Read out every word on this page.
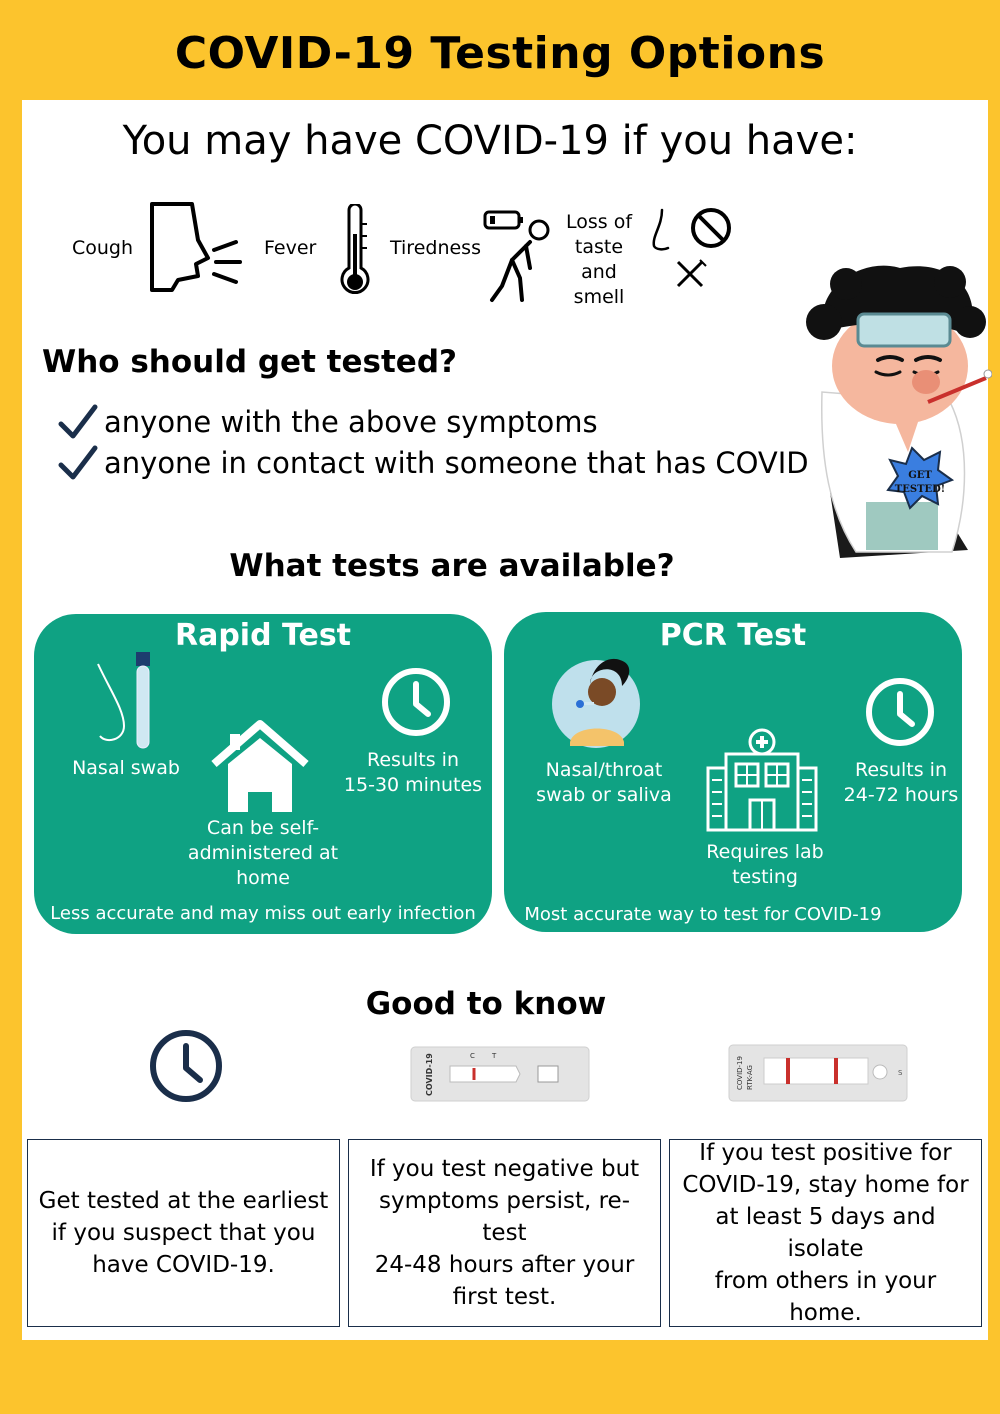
COVID-19 Testing Options
You may have COVID-19 if you have:
Cough	Fever	Tiredness
Loss of
taste and
smell
Who should get tested?
anyone with the above symptoms
anyone in contact with someone that has COVID	GET
TESTED!
What tests are available?
Rapid Test
Nasal swab
Can be self-
administered at
home
Results in
15-30 minutes
Less accurate and may miss out early infection
PCR Test
Nasal/throat
swab or saliva
Requires lab
testing
Results in
24-72 hours
Most accurate way to test for COVID-19
Good to know
COVID-19	C T
COVID-19 RTK-AG	S
Get tested at the earliest
if you suspect that you
have COVID-19.
If you test negative but
symptoms persist, re-test
24-48 hours after your
first test.
If you test positive for
COVID-19, stay home for
at least 5 days and isolate
from others in your home.
